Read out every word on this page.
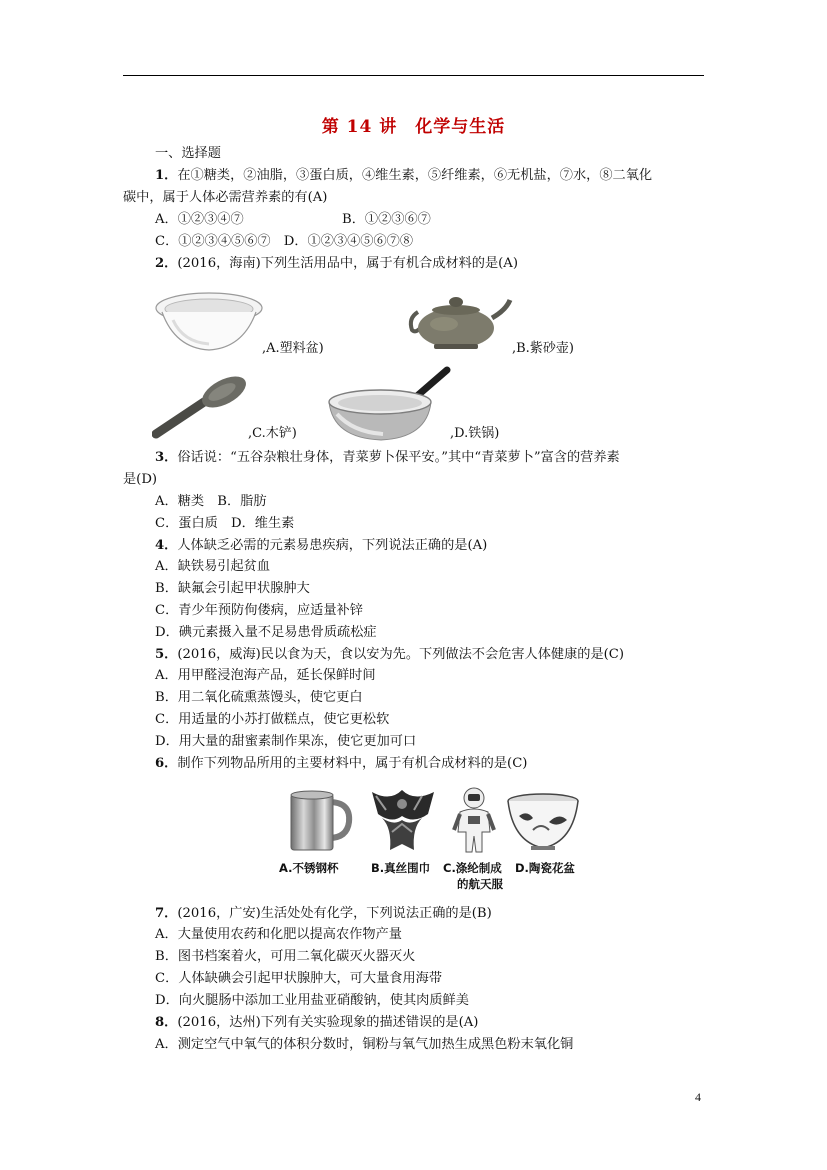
第 14 讲　化学与生活
一、选择题
1．在①糖类，②油脂，③蛋白质，④维生素，⑤纤维素，⑥无机盐，⑦水，⑧二氧化
碳中，属于人体必需营养素的有(A)
A．①②③④⑦	B．①②③⑥⑦
C．①②③④⑤⑥⑦　D．①②③④⑤⑥⑦⑧
2．(2016，海南)下列生活用品中，属于有机合成材料的是(A)
,A.塑料盆)	,B.紫砂壶)
,C.木铲)	,D.铁锅)
3．俗话说：“五谷杂粮壮身体，青菜萝卜保平安。”其中“青菜萝卜”富含的营养素
是(D)
A．糖类　B．脂肪
C．蛋白质　D．维生素
4．人体缺乏必需的元素易患疾病，下列说法正确的是(A)
A．缺铁易引起贫血
B．缺氟会引起甲状腺肿大
C．青少年预防佝偻病，应适量补锌
D．碘元素摄入量不足易患骨质疏松症
5．(2016，威海)民以食为天，食以安为先。下列做法不会危害人体健康的是(C)
A．用甲醛浸泡海产品，延长保鲜时间
B．用二氧化硫熏蒸馒头，使它更白
C．用适量的小苏打做糕点，使它更松软
D．用大量的甜蜜素制作果冻，使它更加可口
6．制作下列物品所用的主要材料中，属于有机合成材料的是(C)
A.不锈钢杯	B.真丝围巾 C.涤纶制成
的航天服
D.陶瓷花盆
7．(2016，广安)生活处处有化学，下列说法正确的是(B)
A．大量使用农药和化肥以提高农作物产量
B．图书档案着火，可用二氧化碳灭火器灭火
C．人体缺碘会引起甲状腺肿大，可大量食用海带
D．向火腿肠中添加工业用盐亚硝酸钠，使其肉质鲜美
8．(2016，达州)下列有关实验现象的描述错误的是(A)
A．测定空气中氧气的体积分数时，铜粉与氧气加热生成黑色粉末氧化铜
4
